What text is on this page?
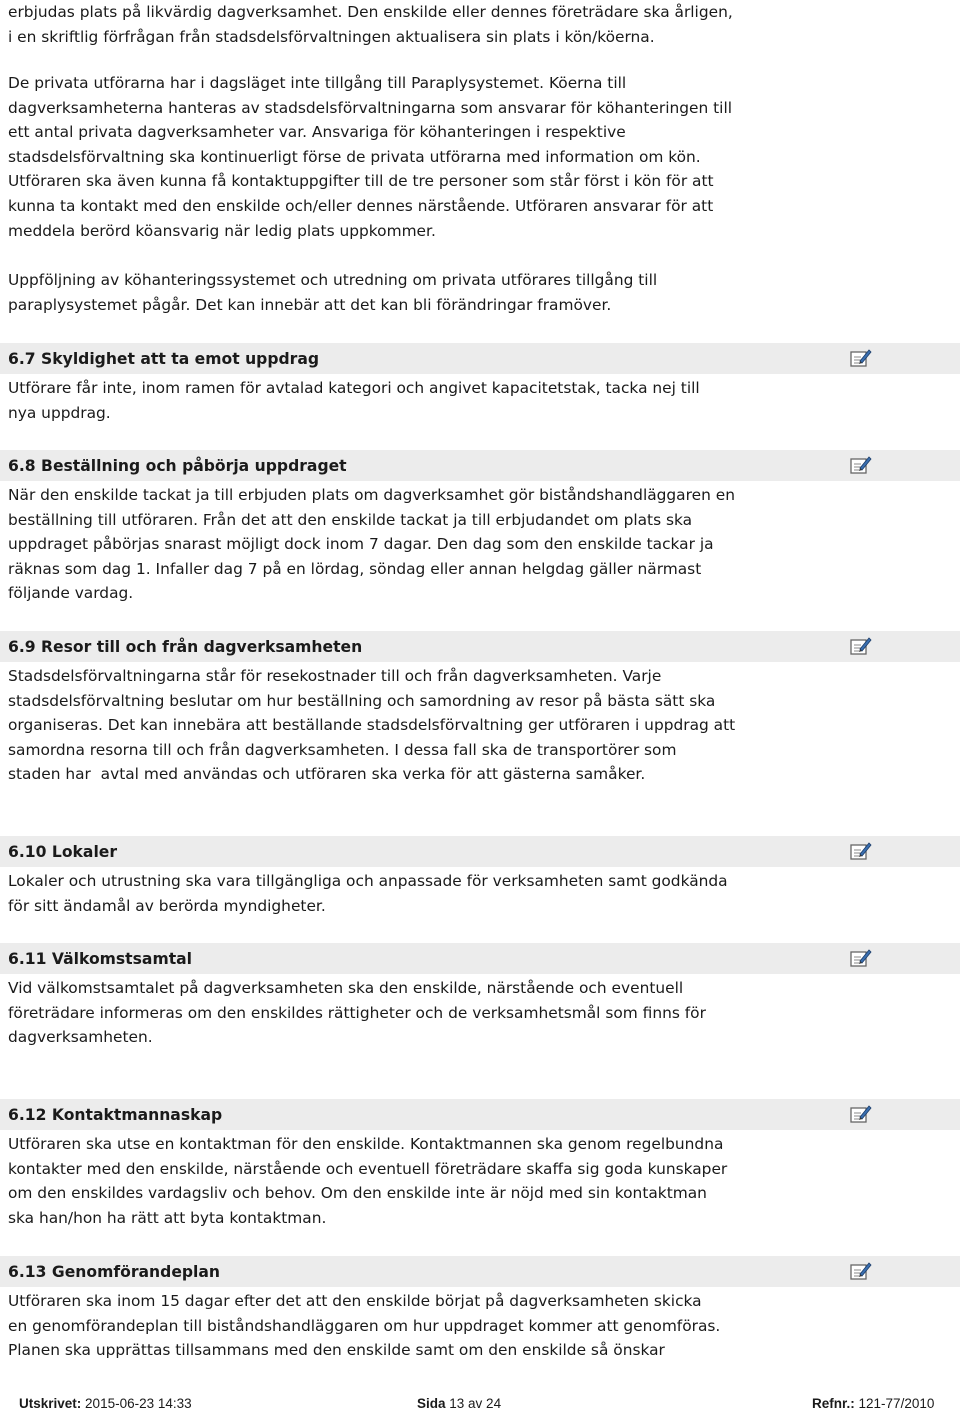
erbjudas plats på likvärdig dagverksamhet. Den enskilde eller dennes företrädare ska årligen,
i en skriftlig förfrågan från stadsdelsförvaltningen aktualisera sin plats i kön/köerna.
De privata utförarna har i dagsläget inte tillgång till Paraplysystemet. Köerna till
dagverksamheterna hanteras av stadsdelsförvaltningarna som ansvarar för köhanteringen till
ett antal privata dagverksamheter var. Ansvariga för köhanteringen i respektive
stadsdelsförvaltning ska kontinuerligt förse de privata utförarna med information om kön.
Utföraren ska även kunna få kontaktuppgifter till de tre personer som står först i kön för att
kunna ta kontakt med den enskilde och/eller dennes närstående. Utföraren ansvarar för att
meddela berörd köansvarig när ledig plats uppkommer.
Uppföljning av köhanteringssystemet och utredning om privata utförares tillgång till
paraplysystemet pågår. Det kan innebär att det kan bli förändringar framöver.
6.7 Skyldighet att ta emot uppdrag
Utförare får inte, inom ramen för avtalad kategori och angivet kapacitetstak, tacka nej till
nya uppdrag.
6.8 Beställning och påbörja uppdraget
När den enskilde tackat ja till erbjuden plats om dagverksamhet gör biståndshandläggaren en
beställning till utföraren. Från det att den enskilde tackat ja till erbjudandet om plats ska
uppdraget påbörjas snarast möjligt dock inom 7 dagar. Den dag som den enskilde tackar ja
räknas som dag 1. Infaller dag 7 på en lördag, söndag eller annan helgdag gäller närmast
följande vardag.
6.9 Resor till och från dagverksamheten
Stadsdelsförvaltningarna står för resekostnader till och från dagverksamheten. Varje
stadsdelsförvaltning beslutar om hur beställning och samordning av resor på bästa sätt ska
organiseras. Det kan innebära att beställande stadsdelsförvaltning ger utföraren i uppdrag att
samordna resorna till och från dagverksamheten. I dessa fall ska de transportörer som
staden har  avtal med användas och utföraren ska verka för att gästerna samåker.
6.10 Lokaler
Lokaler och utrustning ska vara tillgängliga och anpassade för verksamheten samt godkända
för sitt ändamål av berörda myndigheter.
6.11 Välkomstsamtal
Vid välkomstsamtalet på dagverksamheten ska den enskilde, närstående och eventuell
företrädare informeras om den enskildes rättigheter och de verksamhetsmål som finns för
dagverksamheten.
6.12 Kontaktmannaskap
Utföraren ska utse en kontaktman för den enskilde. Kontaktmannen ska genom regelbundna
kontakter med den enskilde, närstående och eventuell företrädare skaffa sig goda kunskaper
om den enskildes vardagsliv och behov. Om den enskilde inte är nöjd med sin kontaktman
ska han/hon ha rätt att byta kontaktman.
6.13 Genomförandeplan
Utföraren ska inom 15 dagar efter det att den enskilde börjat på dagverksamheten skicka
en genomförandeplan till biståndshandläggaren om hur uppdraget kommer att genomföras.
Planen ska upprättas tillsammans med den enskilde samt om den enskilde så önskar
Utskrivet: 2015-06-23 14:33	Sida 13 av 24	Refnr.: 121-77/2010
